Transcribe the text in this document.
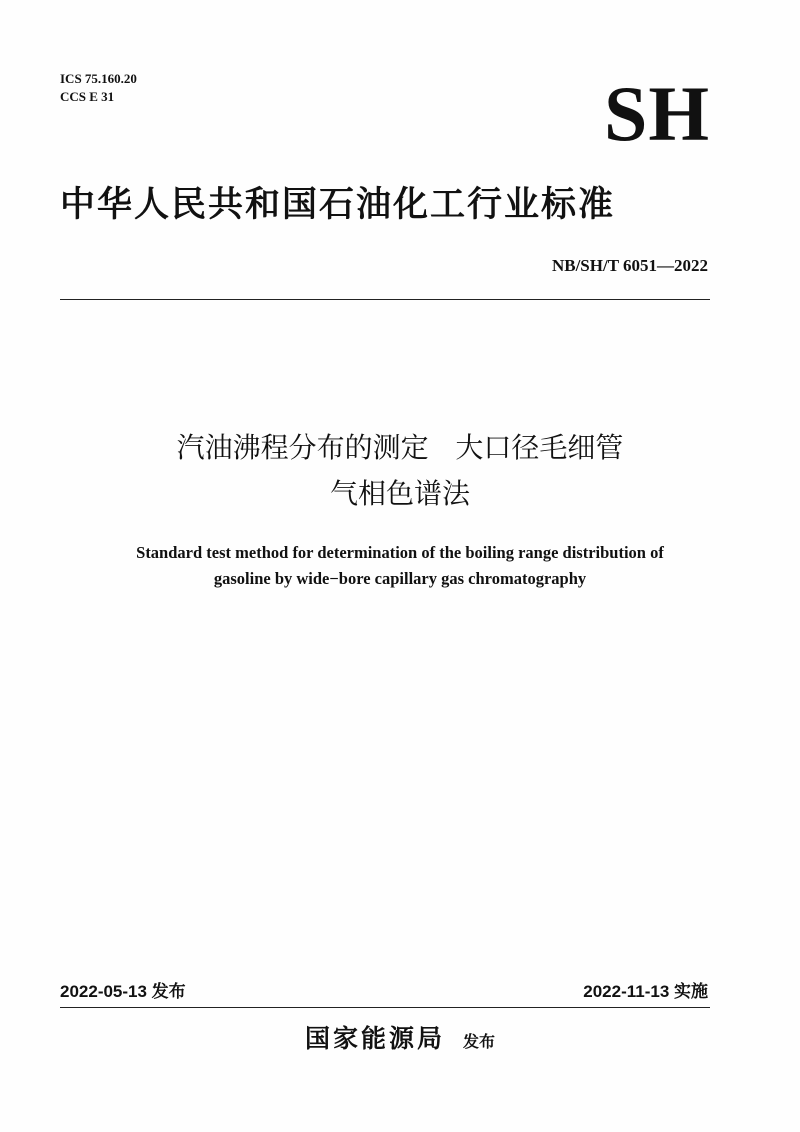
ICS 75.160.20
CCS E 31	SH
中华人民共和国石油化工行业标准
NB/SH/T 6051—2022
汽油沸程分布的测定   大口径毛细管
气相色谱法
Standard test method for determination of the boiling range distribution of
gasoline by wide−bore capillary gas chromatography
2022-05-13 发布	2022-11-13 实施
国家能源局 发布
